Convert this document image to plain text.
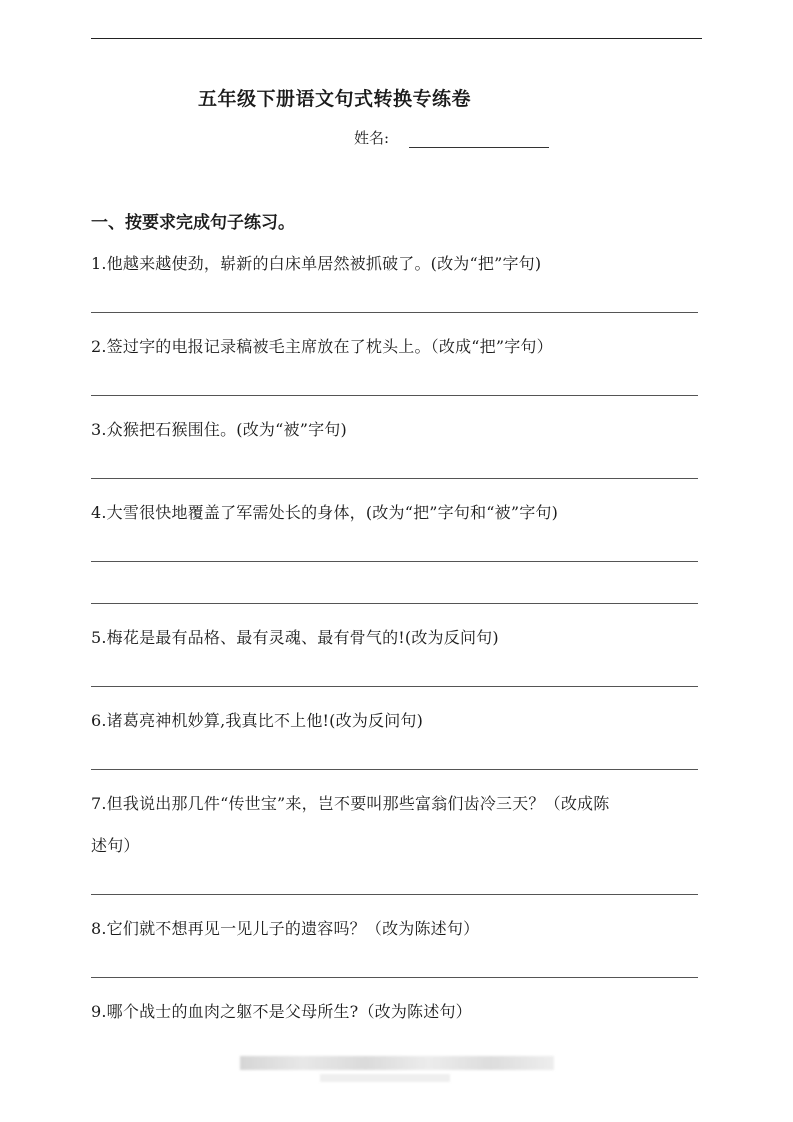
五年级下册语文句式转换专练卷
姓名:
一、按要求完成句子练习。
1.他越来越使劲，崭新的白床单居然被抓破了。(改为“把”字句)
2.签过字的电报记录稿被毛主席放在了枕头上。（改成“把”字句）
3.众猴把石猴围住。(改为“被”字句)
4.大雪很快地覆盖了军需处长的身体，(改为“把”字句和“被”字句)
5.梅花是最有品格、最有灵魂、最有骨气的!(改为反问句)
6.诸葛亮神机妙算,我真比不上他!(改为反问句)
7.但我说出那几件“传世宝”来，岂不要叫那些富翁们齿冷三天？（改成陈
述句）
8.它们就不想再见一见儿子的遗容吗？（改为陈述句）
9.哪个战士的血肉之躯不是父母所生?（改为陈述句）
